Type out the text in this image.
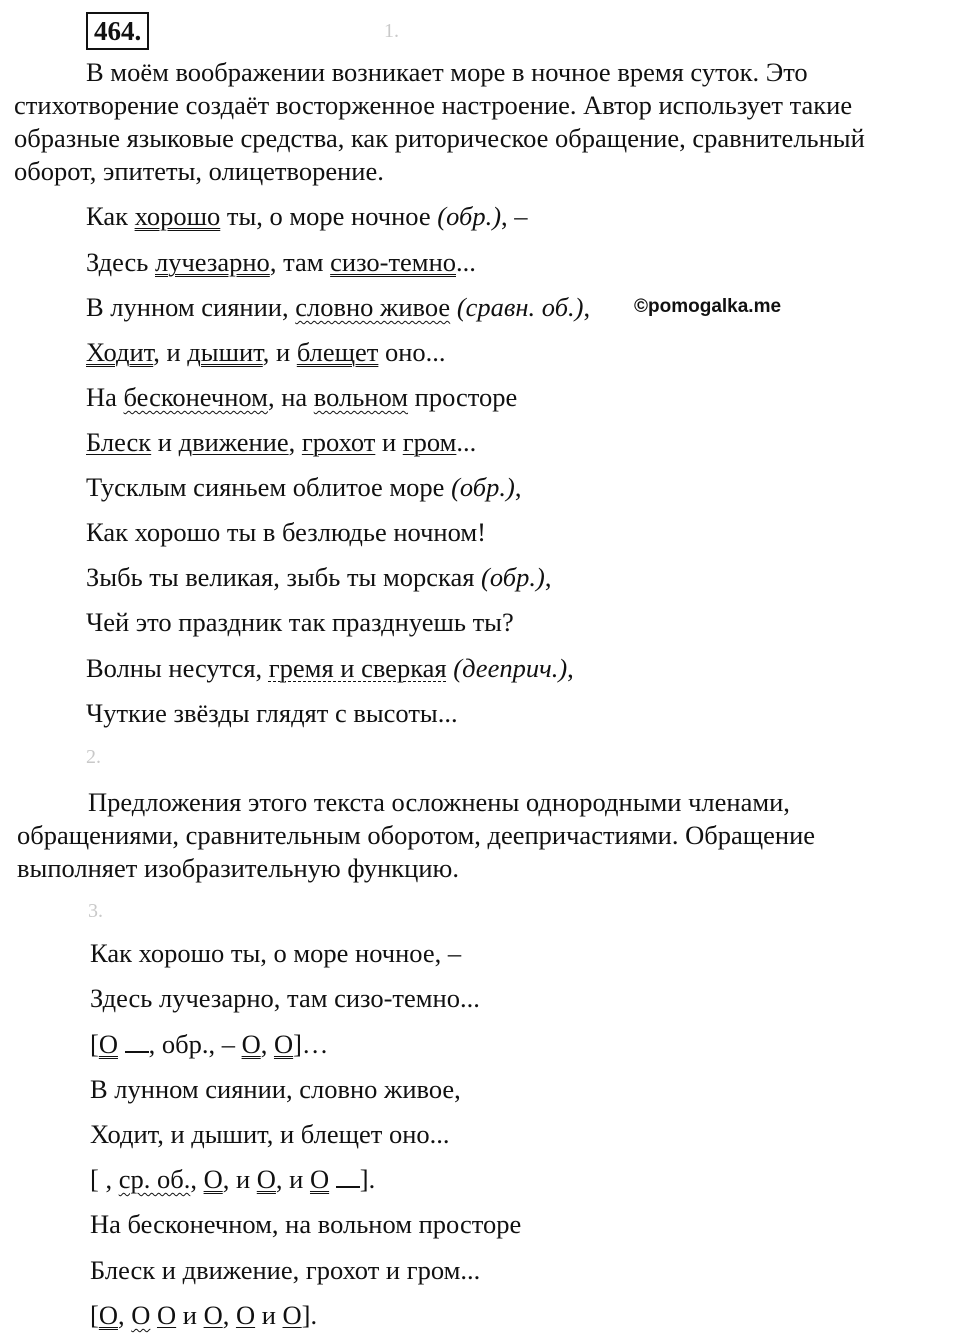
464.	1.
В моём воображении возникает море в ночное время суток. Это
стихотворение создаёт восторженное настроение. Автор использует такие
образные языковые средства, как риторическое обращение, сравнительный
оборот, эпитеты, олицетворение.
Как хорошо ты, о море ночное (обр.), –
Здесь лучезарно, там сизо-темно...
В лунном сиянии, словно живое (сравн. об.), ©pomogalka.me
Ходит, и дышит, и блещет оно...
На бесконечном, на вольном просторе
Блеск и движение, грохот и гром...
Тусклым сияньем облитое море (обр.),
Как хорошо ты в безлюдье ночном!
Зыбь ты великая, зыбь ты морская (обр.),
Чей это праздник так празднуешь ты?
Волны несутся, гремя и сверкая (дееприч.),
Чуткие звёзды глядят с высоты...
2.
Предложения этого текста осложнены однородными членами,
обращениями, сравнительным оборотом, деепричастиями. Обращение
выполняет изобразительную функцию.
3.
Как хорошо ты, о море ночное, –
Здесь лучезарно, там сизо-темно...
[О , обр., – О, О]…
В лунном сиянии, словно живое,
Ходит, и дышит, и блещет оно...
[ , ср. об., О, и О, и О ].
На бесконечном, на вольном просторе
Блеск и движение, грохот и гром...
[О, О О и О, О и О].
